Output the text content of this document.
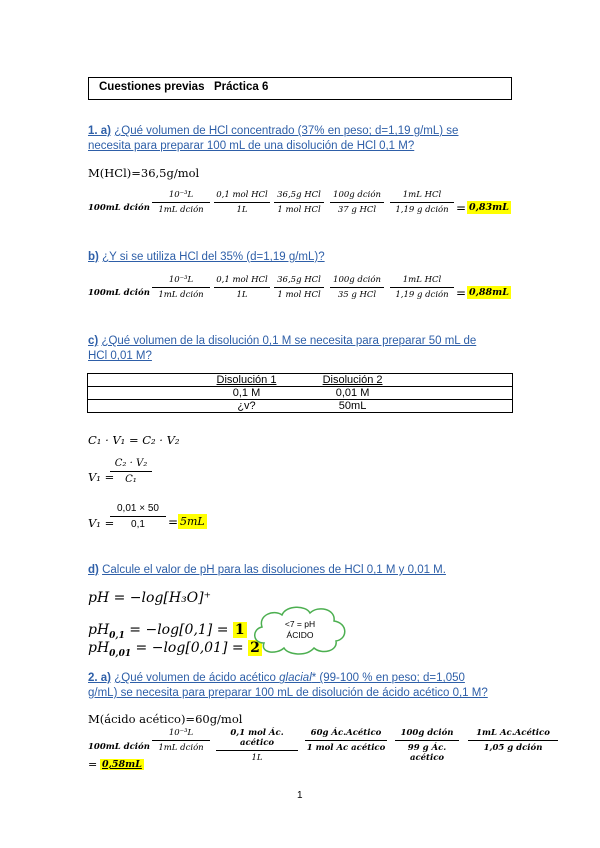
Cuestiones previas Práctica 6
1. a) ¿Qué volumen de HCl concentrado (37% en peso; d=1,19 g/mL) se
necesita para preparar 100 mL de una disolución de HCl 0,1 M?
M(HCl)=36,5g/mol
100mL dción
10⁻³L
1mL dción
0,1 mol HCl
1L
36,5g HCl
1 mol HCl
100g dción
37 g HCl
1mL HCl
1,19 g dción = 0,83mL
b) ¿Y si se utiliza HCl del 35% (d=1,19 g/mL)?
100mL dción
10⁻³L
1mL dción
0,1 mol HCl
1L
36,5g HCl
1 mol HCl
100g dción
35 g HCl
1mL HCl
1,19 g dción = 0,88mL
c) ¿Qué volumen de la disolución 0,1 M se necesita para preparar 50 mL de
HCl 0,01 M?
Disolución 1	Disolución 2
0,1 M	0,01 M
¿v?	50mL
C₁ · V₁ = C₂ · V₂
V₁ =
$\frac{\text{C₂ · V₂}}{\text{C₁}}$
V₁ =
$\frac{0,01 \times 50}{0,1} = 5mL$
d) Calcule el valor de pH para las disoluciones de HCl 0,1 M y 0,01 M.
pH = −log[H₃O]⁺
$pH_{0,1} = -\log[0,1] = 1$
$pH_{0,01} = -\log[0,01] = 2$
<7 = pH
ÁCIDO
2. a) ¿Qué volumen de ácido acético glacial* (99-100 % en peso; d=1,050
g/mL) se necesita para preparar 100 mL de disolución de ácido acético 0,1 M?
M(ácido acético)=60g/mol
100mL dción
10⁻³L
1mL dción
0,1 mol Ác.
acético
1L
60g Ác.Acético
1 mol Ac acético
100g dción
99 g Ác.
acético
1mL Ac.Acético
1,05 g dción
= 0,58mL
1
